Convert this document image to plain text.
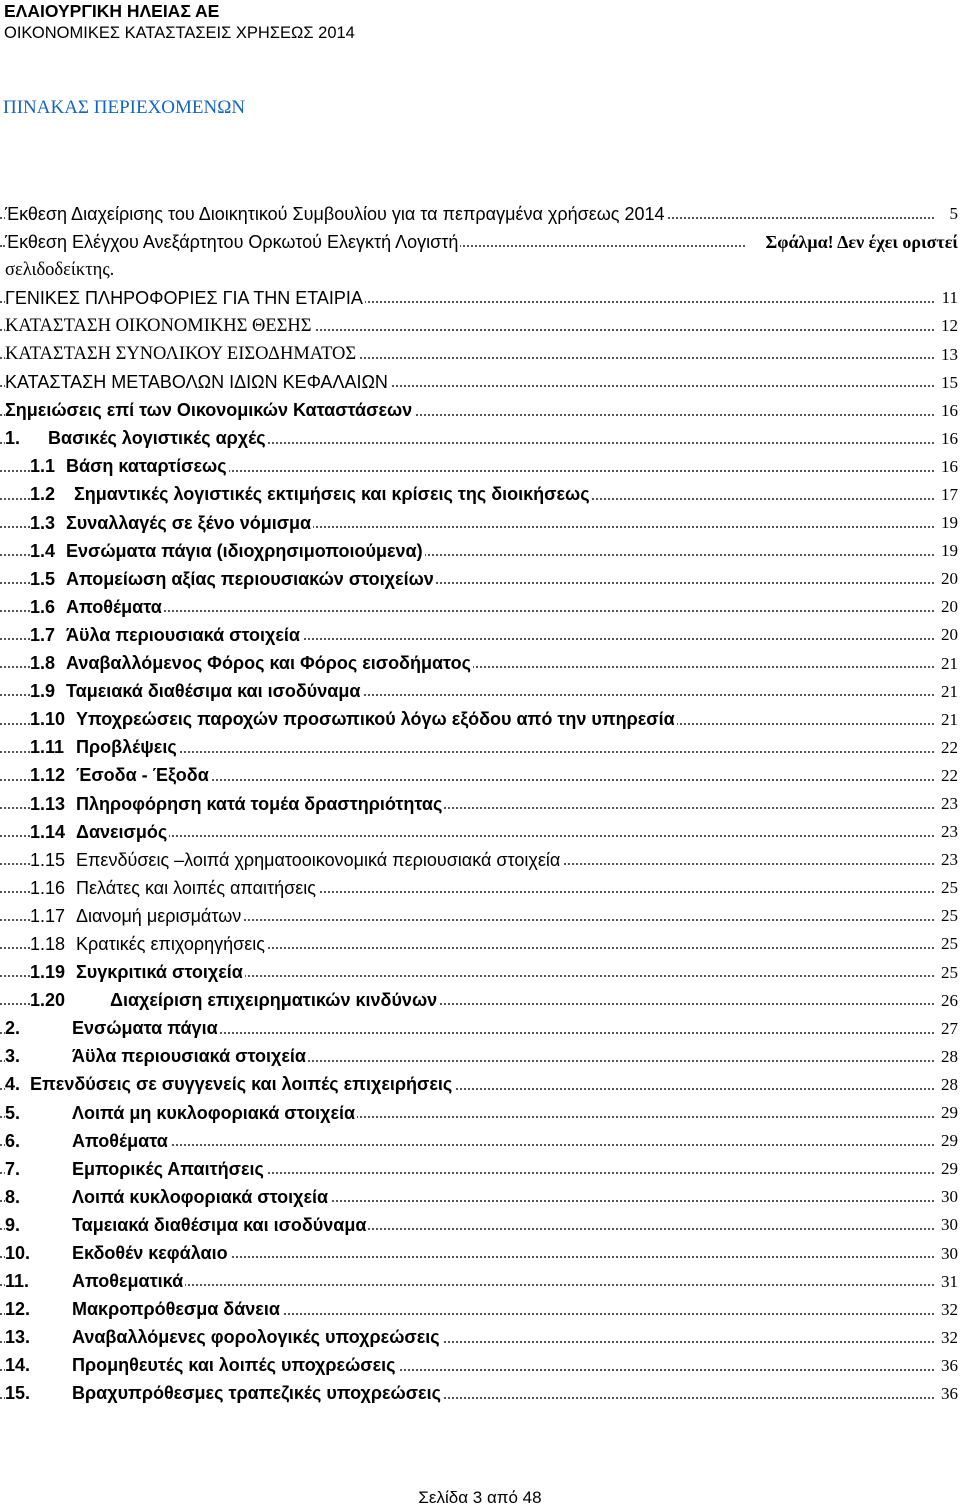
ΕΛΑΙΟΥΡΓΙΚΗ ΗΛΕΙΑΣ ΑΕ
ΟΙΚΟΝΟΜΙΚΕΣ ΚΑΤΑΣΤΑΣΕΙΣ ΧΡΗΣΕΩΣ 2014
ΠΙΝΑΚΑΣ ΠΕΡΙΕΧΟΜΕΝΩΝ
Έκθεση Διαχείρισης του Διοικητικού Συμβουλίου για τα πεπραγμένα χρήσεως 2014	5
Έκθεση Ελέγχου Ανεξάρτητου Ορκωτού Ελεγκτή Λογιστή	Σφάλμα! Δεν έχει οριστεί
σελιδοδείκτης.
ΓΕΝΙΚΕΣ ΠΛΗΡΟΦΟΡΙΕΣ ΓΙΑ ΤΗΝ ΕΤΑΙΡΙΑ	11
ΚΑΤΑΣΤΑΣΗ ΟΙΚΟΝΟΜΙΚΗΣ ΘΕΣΗΣ	12
ΚΑΤΑΣΤΑΣΗ ΣΥΝΟΛΙΚΟΥ ΕΙΣΟΔΗΜΑΤΟΣ	13
ΚΑΤΑΣΤΑΣΗ ΜΕΤΑΒΟΛΩΝ ΙΔΙΩΝ ΚΕΦΑΛΑΙΩΝ	15
Σημειώσεις επί των Οικονομικών Καταστάσεων	16
1.	Βασικές λογιστικές αρχές	16
1.1 Βάση καταρτίσεως	16
1.2	Σημαντικές λογιστικές εκτιμήσεις και κρίσεις της διοικήσεως	17
1.3 Συναλλαγές σε ξένο νόμισμα	19
1.4 Ενσώματα πάγια (ιδιοχρησιμοποιούμενα)	19
1.5 Απομείωση αξίας περιουσιακών στοιχείων	20
1.6 Αποθέματα	20
1.7 Άϋλα περιουσιακά στοιχεία	20
1.8 Αναβαλλόμενος Φόρος και Φόρος εισοδήματος	21
1.9 Ταμειακά διαθέσιμα και ισοδύναμα	21
1.10 Υποχρεώσεις παροχών προσωπικού λόγω εξόδου από την υπηρεσία	21
1.11 Προβλέψεις	22
1.12 Έσοδα - Έξοδα	22
1.13 Πληροφόρηση κατά τομέα δραστηριότητας	23
1.14 Δανεισμός	23
1.15 Επενδύσεις –λοιπά χρηματοοικονομικά περιουσιακά στοιχεία	23
1.16 Πελάτες και λοιπές απαιτήσεις	25
1.17 Διανομή μερισμάτων	25
1.18 Κρατικές επιχορηγήσεις	25
1.19 Συγκριτικά στοιχεία	25
1.20	Διαχείριση επιχειρηματικών κινδύνων	26
2.	Ενσώματα πάγια	27
3.	Άϋλα περιουσιακά στοιχεία	28
4. Επενδύσεις σε συγγενείς και λοιπές επιχειρήσεις	28
5.	Λοιπά μη κυκλοφοριακά στοιχεία	29
6.	Αποθέματα	29
7.	Εμπορικές Απαιτήσεις	29
8.	Λοιπά κυκλοφοριακά στοιχεία	30
9.	Ταμειακά διαθέσιμα και ισοδύναμα	30
10.	Εκδοθέν κεφάλαιο	30
11.	Αποθεματικά	31
12.	Μακροπρόθεσμα δάνεια	32
13.	Αναβαλλόμενες φορολογικές υποχρεώσεις	32
14.	Προμηθευτές και λοιπές υποχρεώσεις	36
15.	Βραχυπρόθεσμες τραπεζικές υποχρεώσεις	36
Σελίδα 3 από 48
